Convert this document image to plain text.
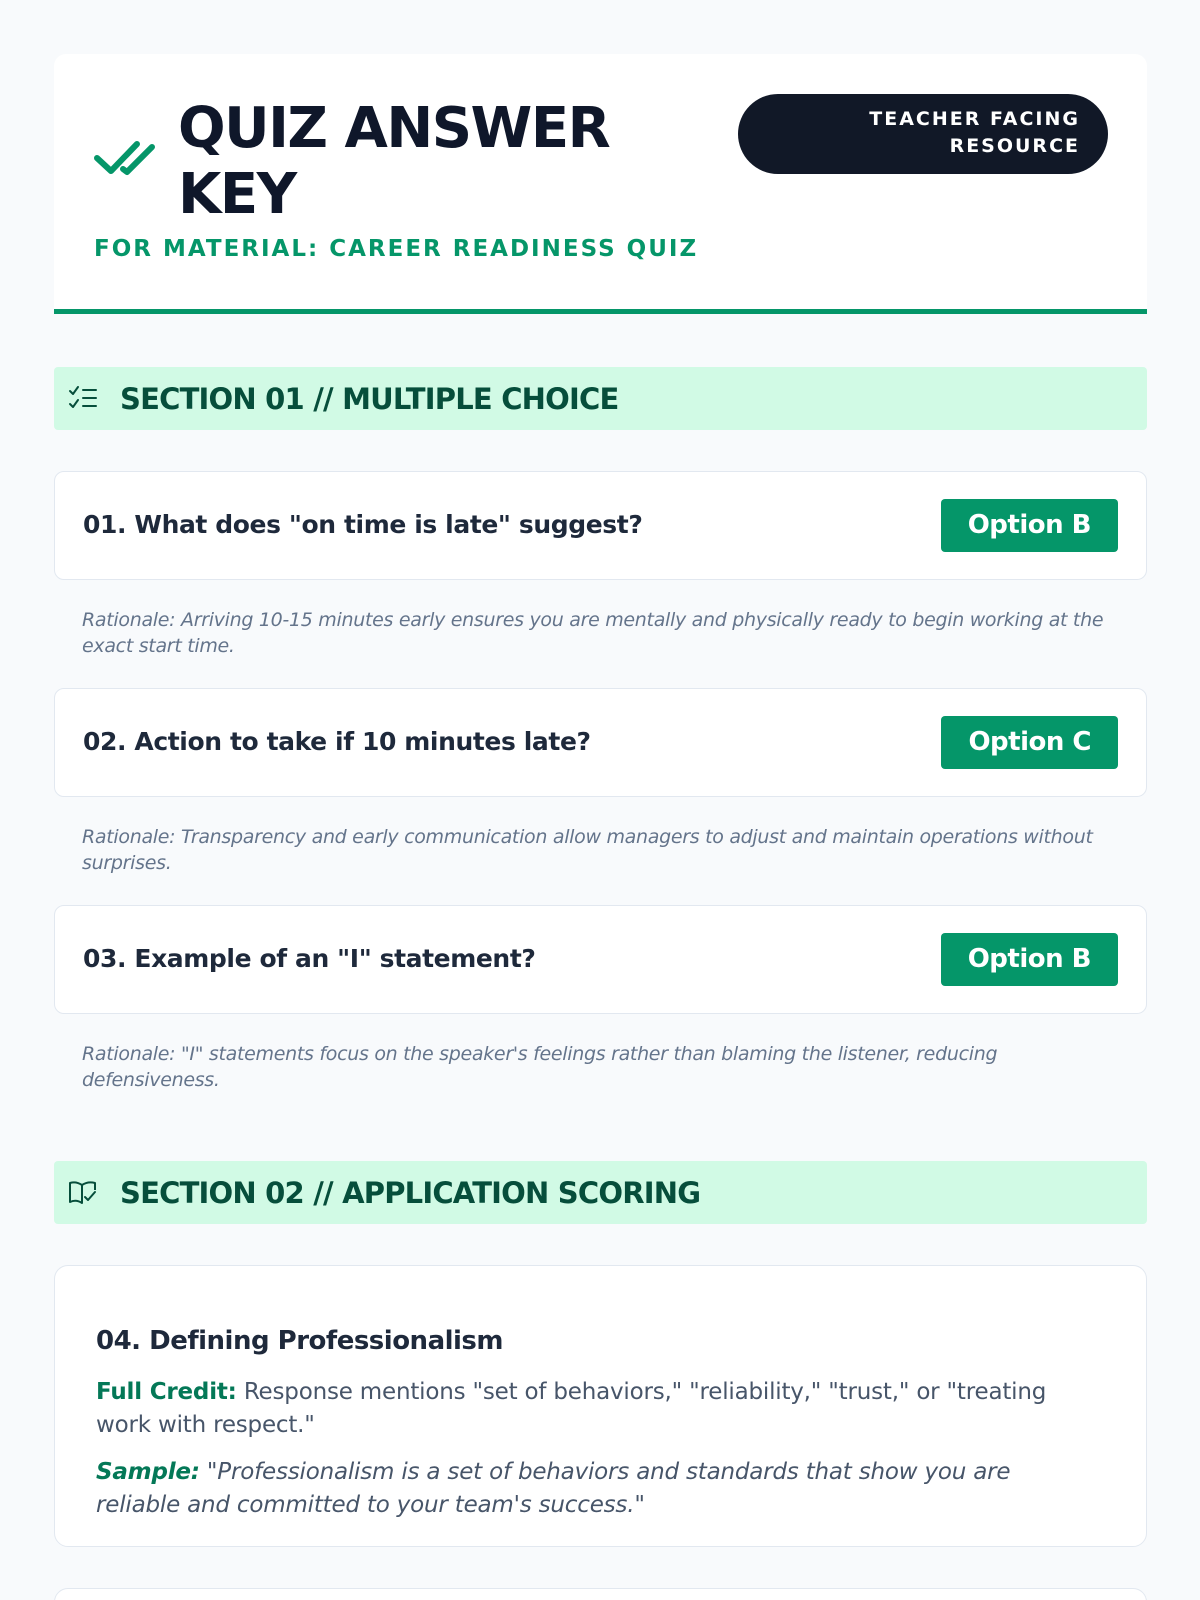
QUIZ ANSWER KEY
FOR MATERIAL: CAREER READINESS QUIZ
TEACHER FACING RESOURCE
SECTION 01 // MULTIPLE CHOICE
01. What does "on time is late" suggest?	Option B
Rationale: Arriving 10-15 minutes early ensures you are mentally and physically ready to begin working at the exact start time.
02. Action to take if 10 minutes late?	Option C
Rationale: Transparency and early communication allow managers to adjust and maintain operations without surprises.
03. Example of an "I" statement?	Option B
Rationale: "I" statements focus on the speaker's feelings rather than blaming the listener, reducing defensiveness.
SECTION 02 // APPLICATION SCORING
04. Defining Professionalism

Full Credit: Response mentions "set of behaviors," "reliability," "trust," or "treating work with respect."

Sample: "Professionalism is a set of behaviors and standards that show you are reliable and committed to your team's success."
